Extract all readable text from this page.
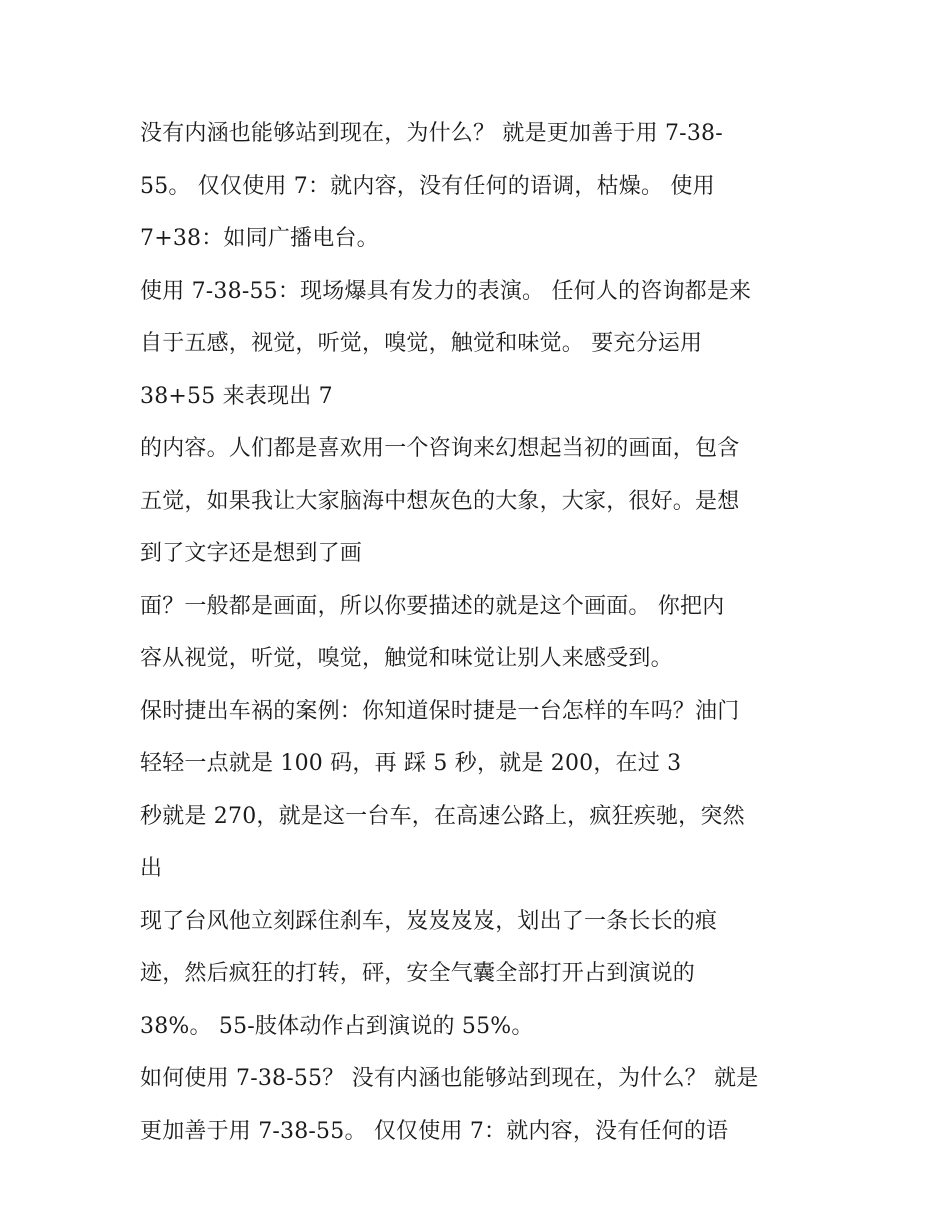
没有内涵也能够站到现在，为什么？ 就是更加善于用 7-38-
55。 仅仅使用 7：就内容，没有任何的语调，枯燥。 使用
7+38：如同广播电台。
使用 7-38-55：现场爆具有发力的表演。 任何人的咨询都是来
自于五感，视觉，听觉，嗅觉，触觉和味觉。 要充分运用
38+55 来表现出 7
的内容。人们都是喜欢用一个咨询来幻想起当初的画面，包含
五觉，如果我让大家脑海中想灰色的大象，大家，很好。是想
到了文字还是想到了画
面？一般都是画面，所以你要描述的就是这个画面。 你把内
容从视觉，听觉，嗅觉，触觉和味觉让别人来感受到。
保时捷出车祸的案例：你知道保时捷是一台怎样的车吗？油门
轻轻一点就是 100 码，再 踩 5 秒，就是 200，在过 3
秒就是 270，就是这一台车，在高速公路上，疯狂疾驰，突然
出
现了台风他立刻踩住刹车，岌岌岌岌，划出了一条长长的痕
迹，然后疯狂的打转，砰，安全气囊全部打开占到演说的
38%。 55-肢体动作占到演说的 55%。
如何使用 7-38-55？ 没有内涵也能够站到现在，为什么？ 就是
更加善于用 7-38-55。 仅仅使用 7：就内容，没有任何的语
